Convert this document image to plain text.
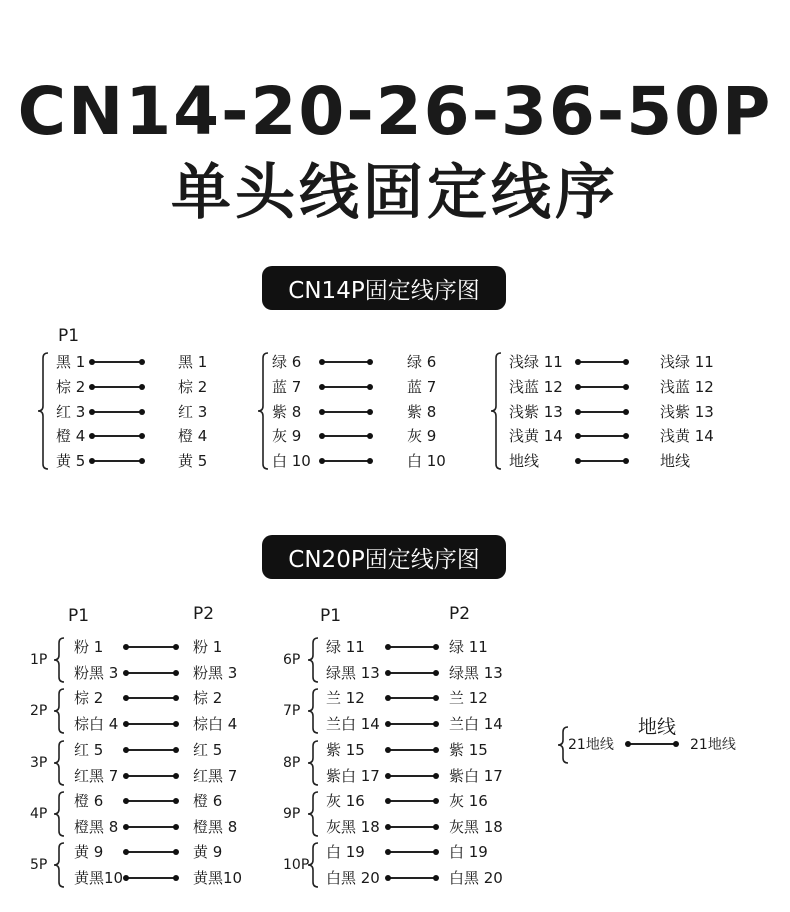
CN14-20-26-36-50P
单头线固定线序
CN14P固定线序图
P1
CN20P固定线序图
黑 1	黑 1
棕 2	棕 2
红 3	红 3
橙 4	橙 4
黄 5	黄 5
绿 6	绿 6
蓝 7	蓝 7
紫 8	紫 8
灰 9	灰 9
白 10	白 10
浅绿 11	浅绿 11
浅蓝 12	浅蓝 12
浅紫 13	浅紫 13
浅黄 14	浅黄 14
地线	地线
P1	P2	P1	P2
1P
粉 1	粉 1
粉黑 3	粉黑 3
2P
棕 2	棕 2
棕白 4	棕白 4
3P
红 5	红 5
红黑 7	红黑 7
4P
橙 6	橙 6
橙黑 8	橙黑 8
5P
黄 9	黄 9
黄黑10	黄黑10
6P
绿 11	绿 11
绿黑 13	绿黑 13
7P
兰 12	兰 12
兰白 14	兰白 14
8P
紫 15	紫 15
紫白 17	紫白 17
9P
灰 16	灰 16
灰黑 18	灰黑 18
10P
白 19	白 19
白黑 20	白黑 20
地线
21地线	21地线
